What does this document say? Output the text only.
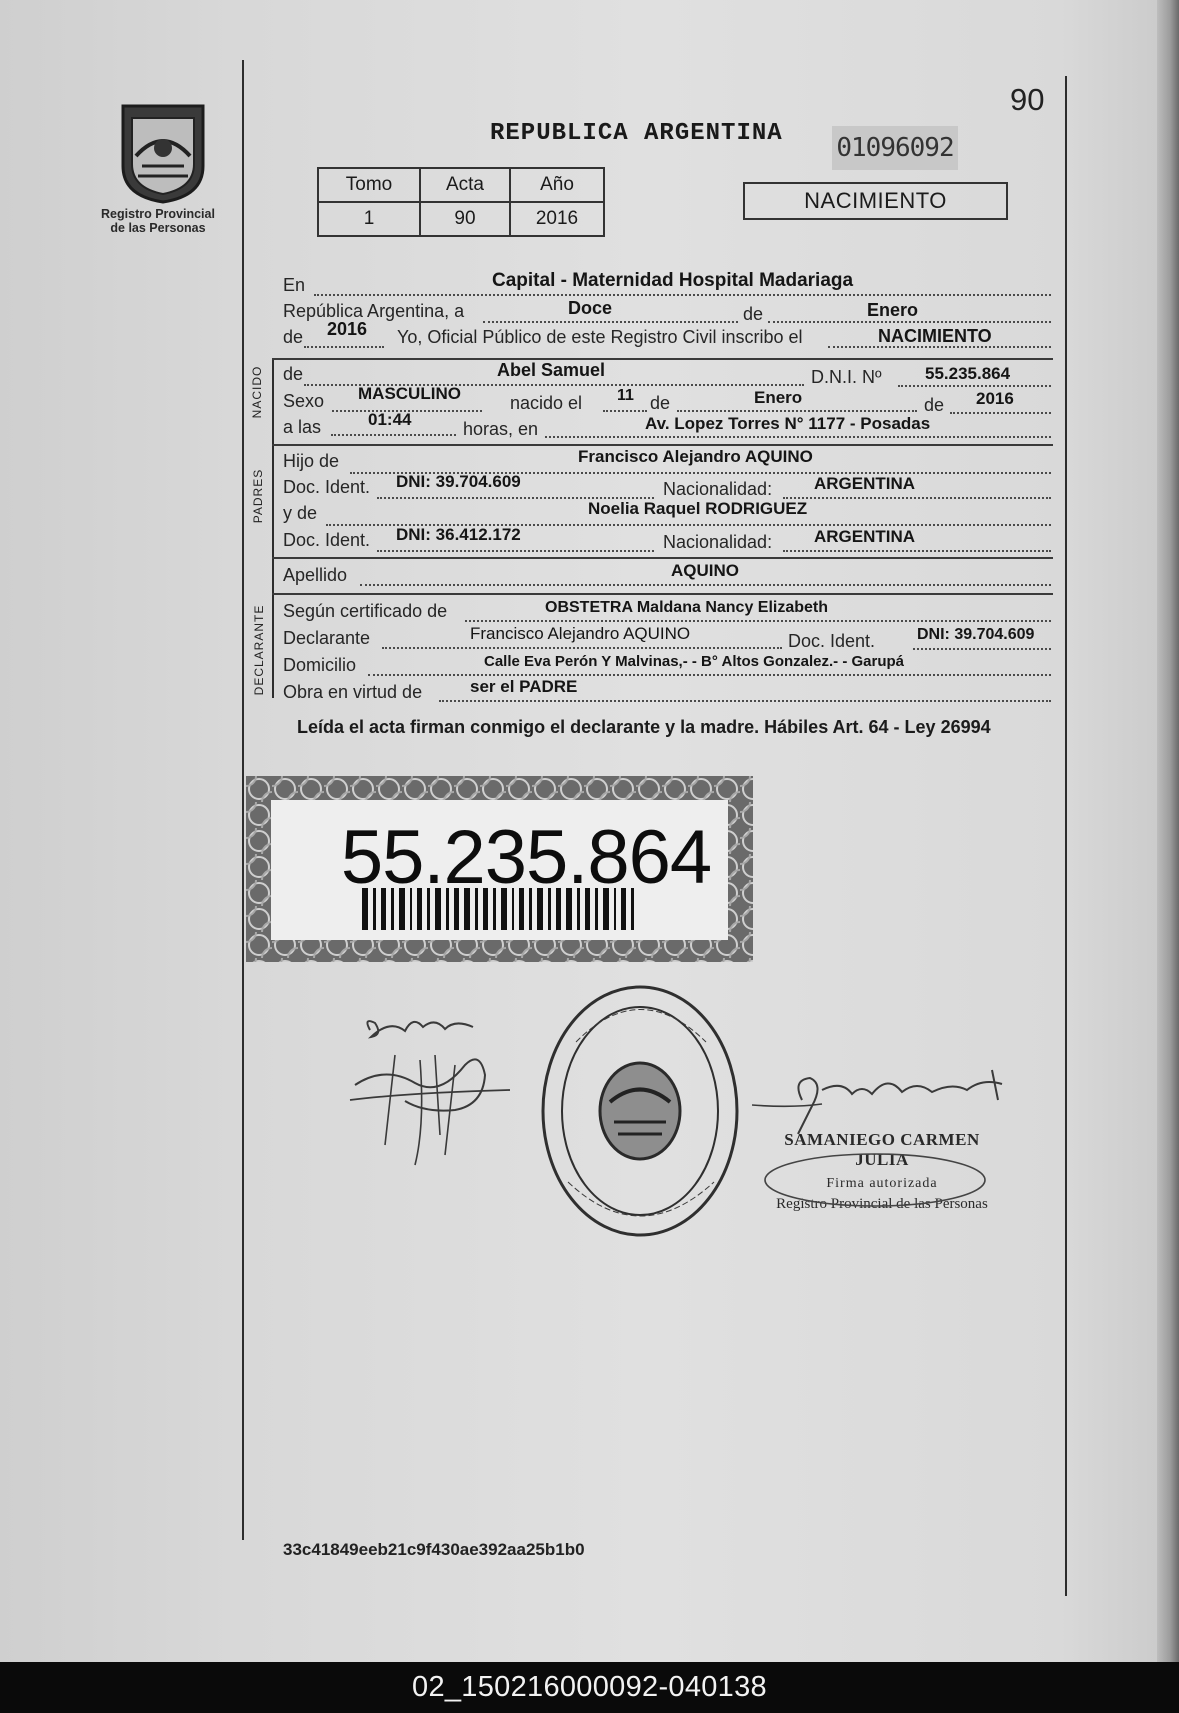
Registro Provincial
de las Personas
90
REPUBLICA ARGENTINA 01096092
Tomo	Acta	Año
1	90	2016
NACIMIENTO
En	Capital - Maternidad Hospital Madariaga
República Argentina, a	Doce	de	Enero
de 2016 Yo, Oficial Público de este Registro Civil inscribo el	NACIMIENTO
NACIDO de	Abel Samuel	D.N.I. Nº	55.235.864
Sexo MASCULINO	nacido el 11 de	Enero	de 2016
a las	01:44	horas, en	Av. Lopez Torres N° 1177 - Posadas
PADRES
Hijo de	Francisco Alejandro AQUINO
Doc. Ident. DNI: 39.704.609	Nacionalidad: ARGENTINA
y de	Noelia Raquel RODRIGUEZ
Doc. Ident. DNI: 36.412.172	Nacionalidad: ARGENTINA
Apellido	AQUINO
DECLARANTE Según certificado de	OBSTETRA Maldana Nancy Elizabeth
Declarante	Francisco Alejandro AQUINO	Doc. Ident.	DNI: 39.704.609
Domicilio	Calle Eva Perón Y Malvinas,- - B° Altos Gonzalez.- - Garupá
Obra en virtud de	ser el PADRE
Leída el acta firman conmigo el declarante y la madre. Hábiles Art. 64 - Ley 26994
55.235.864
SAMANIEGO CARMEN JULIA
Firma autorizada
Registro Provincial de las Personas
33c41849eeb21c9f430ae392aa25b1b0
02_150216000092-040138
